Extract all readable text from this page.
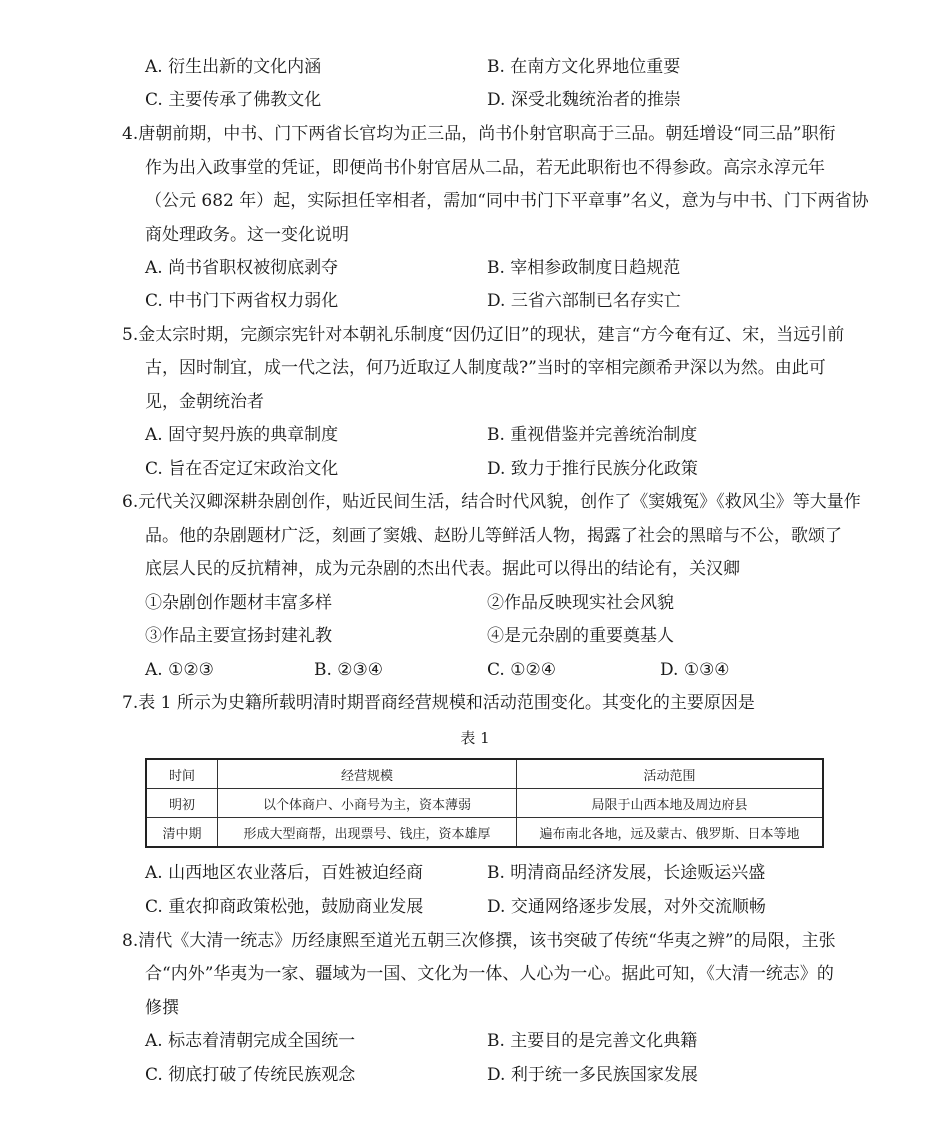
A. 衍生出新的文化内涵	B. 在南方文化界地位重要
C. 主要传承了佛教文化	D. 深受北魏统治者的推崇
4.唐朝前期，中书、门下两省长官均为正三品，尚书仆射官职高于三品。朝廷增设“同三品”职衔
作为出入政事堂的凭证，即便尚书仆射官居从二品，若无此职衔也不得参政。高宗永淳元年
（公元 682 年）起，实际担任宰相者，需加“同中书门下平章事”名义，意为与中书、门下两省协
商处理政务。这一变化说明
A. 尚书省职权被彻底剥夺	B. 宰相参政制度日趋规范
C. 中书门下两省权力弱化	D. 三省六部制已名存实亡
5.金太宗时期，完颜宗宪针对本朝礼乐制度“因仍辽旧”的现状，建言“方今奄有辽、宋，当远引前
古，因时制宜，成一代之法，何乃近取辽人制度哉?”当时的宰相完颜希尹深以为然。由此可
见，金朝统治者
A. 固守契丹族的典章制度	B. 重视借鉴并完善统治制度
C. 旨在否定辽宋政治文化	D. 致力于推行民族分化政策
6.元代关汉卿深耕杂剧创作，贴近民间生活，结合时代风貌，创作了《窦娥冤》《救风尘》等大量作
品。他的杂剧题材广泛，刻画了窦娥、赵盼儿等鲜活人物，揭露了社会的黑暗与不公，歌颂了
底层人民的反抗精神，成为元杂剧的杰出代表。据此可以得出的结论有，关汉卿
①杂剧创作题材丰富多样	②作品反映现实社会风貌
③作品主要宣扬封建礼教	④是元杂剧的重要奠基人
A. ①②③	B. ②③④	C. ①②④	D. ①③④
7.表 1 所示为史籍所载明清时期晋商经营规模和活动范围变化。其变化的主要原因是
表 1
时间	经营规模	活动范围
明初	以个体商户、小商号为主，资本薄弱	局限于山西本地及周边府县
清中期	形成大型商帮，出现票号、钱庄，资本雄厚	遍布南北各地，远及蒙古、俄罗斯、日本等地
A. 山西地区农业落后，百姓被迫经商	B. 明清商品经济发展，长途贩运兴盛
C. 重农抑商政策松弛，鼓励商业发展	D. 交通网络逐步发展，对外交流顺畅
8.清代《大清一统志》历经康熙至道光五朝三次修撰，该书突破了传统“华夷之辨”的局限，主张
合“内外”华夷为一家、疆域为一国、文化为一体、人心为一心。据此可知，《大清一统志》的
修撰
A. 标志着清朝完成全国统一	B. 主要目的是完善文化典籍
C. 彻底打破了传统民族观念	D. 利于统一多民族国家发展
